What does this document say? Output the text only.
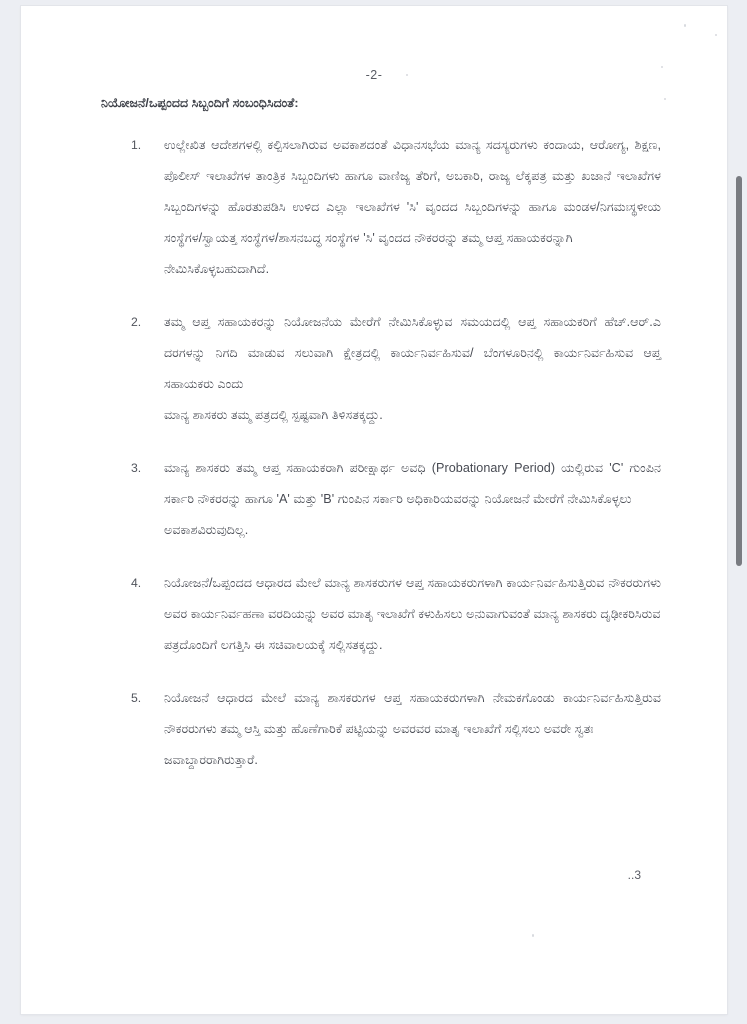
-2-
ನಿಯೋಜನೆ/ಒಪ್ಪಂದದ ಸಿಬ್ಬಂದಿಗೆ ಸಂಬಂಧಿಸಿದಂತೆ:
1. ಉಲ್ಲೇಖಿತ ಆದೇಶಗಳಲ್ಲಿ ಕಲ್ಪಿಸಲಾಗಿರುವ ಅವಕಾಶದಂತೆ ವಿಧಾನಸಭೆಯ ಮಾನ್ಯ ಸದಸ್ಯರುಗಳು ಕಂದಾಯ, ಆರೋಗ್ಯ, ಶಿಕ್ಷಣ, ಪೊಲೀಸ್ ಇಲಾಖೆಗಳ ತಾಂತ್ರಿಕ ಸಿಬ್ಬಂದಿಗಳು ಹಾಗೂ ವಾಣಿಜ್ಯ ತೆರಿಗೆ, ಅಬಕಾರಿ, ರಾಜ್ಯ ಲೆಕ್ಕಪತ್ರ ಮತ್ತು ಖಜಾನೆ ಇಲಾಖೆಗಳ ಸಿಬ್ಬಂದಿಗಳನ್ನು ಹೊರತುಪಡಿಸಿ ಉಳಿದ ಎಲ್ಲಾ ಇಲಾಖೆಗಳ 'ಸಿ' ವೃಂದದ ಸಿಬ್ಬಂದಿಗಳನ್ನು ಹಾಗೂ ಮಂಡಳ/ನಿಗಮಃಸ್ಥಳೀಯ ಸಂಸ್ಥೆಗಳ/ಸ್ವಾಯತ್ತ ಸಂಸ್ಥೆಗಳ/ಶಾಸನಬದ್ಧ ಸಂಸ್ಥೆಗಳ 'ಸಿ' ವೃಂದದ ನೌಕರರನ್ನು ತಮ್ಮ ಆಪ್ತ ಸಹಾಯಕರನ್ನಾಗಿ
ನೇಮಿಸಿಕೊಳ್ಳಬಹುದಾಗಿದೆ.
2. ತಮ್ಮ ಆಪ್ತ ಸಹಾಯಕರನ್ನು ನಿಯೋಜನೆಯ ಮೇರೆಗೆ ನೇಮಿಸಿಕೊಳ್ಳುವ ಸಮಯದಲ್ಲಿ ಆಪ್ತ ಸಹಾಯಕರಿಗೆ ಹೆಚ್.ಆರ್.ಎ ದರಗಳನ್ನು ನಿಗದಿ ಮಾಡುವ ಸಲುವಾಗಿ ಕ್ಷೇತ್ರದಲ್ಲಿ ಕಾರ್ಯನಿರ್ವಹಿಸುವ/ ಬೆಂಗಳೂರಿನಲ್ಲಿ ಕಾರ್ಯನಿರ್ವಹಿಸುವ ಆಪ್ತ ಸಹಾಯಕರು ಎಂದು
ಮಾನ್ಯ ಶಾಸಕರು ತಮ್ಮ ಪತ್ರದಲ್ಲಿ ಸ್ಪಷ್ಟವಾಗಿ ತಿಳಿಸತಕ್ಕದ್ದು.
3. ಮಾನ್ಯ ಶಾಸಕರು ತಮ್ಮ ಆಪ್ತ ಸಹಾಯಕರಾಗಿ ಪರೀಕ್ಷಾರ್ಥ ಅವಧಿ (Probationary Period) ಯಲ್ಲಿರುವ 'C' ಗುಂಪಿನ ಸರ್ಕಾರಿ ನೌಕರರನ್ನು ಹಾಗೂ 'A' ಮತ್ತು 'B' ಗುಂಪಿನ ಸರ್ಕಾರಿ ಅಧಿಕಾರಿಯವರನ್ನು ನಿಯೋಜನೆ ಮೇರೆಗೆ ನೇಮಿಸಿಕೊಳ್ಳಲು
ಅವಕಾಶವಿರುವುದಿಲ್ಲ.
4. ನಿಯೋಜನೆ/ಒಪ್ಪಂದದ ಆಧಾರದ ಮೇಲೆ ಮಾನ್ಯ ಶಾಸಕರುಗಳ ಆಪ್ತ ಸಹಾಯಕರುಗಳಾಗಿ ಕಾರ್ಯನಿರ್ವಹಿಸುತ್ತಿರುವ ನೌಕರರುಗಳು ಅವರ ಕಾರ್ಯನಿರ್ವಹಣಾ ವರದಿಯನ್ನು ಅವರ ಮಾತೃ ಇಲಾಖೆಗೆ ಕಳುಹಿಸಲು ಅನುವಾಗುವಂತೆ ಮಾನ್ಯ ಶಾಸಕರು ದೃಢೀಕರಿಸಿರುವ
ಪತ್ರದೊಂದಿಗೆ ಲಗತ್ತಿಸಿ ಈ ಸಚಿವಾಲಯಕ್ಕೆ ಸಲ್ಲಿಸತಕ್ಕದ್ದು.
5. ನಿಯೋಜನೆ ಆಧಾರದ ಮೇಲೆ ಮಾನ್ಯ ಶಾಸಕರುಗಳ ಆಪ್ತ ಸಹಾಯಕರುಗಳಾಗಿ ನೇಮಕಗೊಂಡು ಕಾರ್ಯನಿರ್ವಹಿಸುತ್ತಿರುವ ನೌಕರರುಗಳು ತಮ್ಮ ಆಸ್ತಿ ಮತ್ತು ಹೊಣೆಗಾರಿಕೆ ಪಟ್ಟಿಯನ್ನು ಅವರವರ ಮಾತೃ ಇಲಾಖೆಗೆ ಸಲ್ಲಿಸಲು ಅವರೇ ಸ್ವತಃ
ಜವಾಬ್ದಾರರಾಗಿರುತ್ತಾರೆ.
..3
